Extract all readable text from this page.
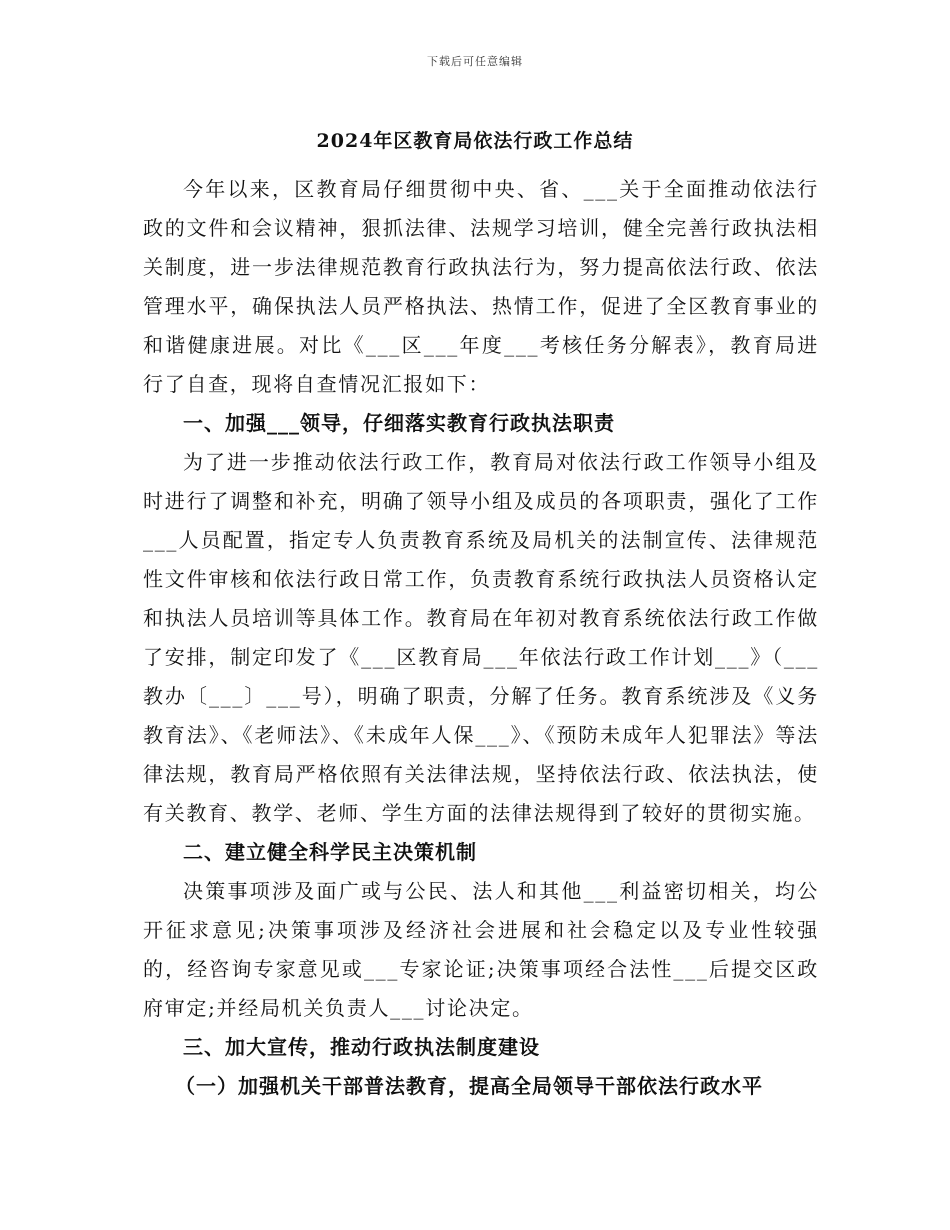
下载后可任意编辑
2024年区教育局依法行政工作总结

今年以来，区教育局仔细贯彻中央、省、___关于全面推动依法行政的文件和会议精神，狠抓法律、法规学习培训，健全完善行政执法相关制度，进一步法律规范教育行政执法行为，努力提高依法行政、依法管理水平，确保执法人员严格执法、热情工作，促进了全区教育事业的和谐健康进展。对比《___区___年度___考核任务分解表》，教育局进行了自查，现将自查情况汇报如下：

一、加强___领导，仔细落实教育行政执法职责

为了进一步推动依法行政工作，教育局对依法行政工作领导小组及时进行了调整和补充，明确了领导小组及成员的各项职责，强化了工作___人员配置，指定专人负责教育系统及局机关的法制宣传、法律规范性文件审核和依法行政日常工作，负责教育系统行政执法人员资格认定和执法人员培训等具体工作。教育局在年初对教育系统依法行政工作做了安排，制定印发了《___区教育局___年依法行政工作计划___》（___教办〔___〕___号），明确了职责，分解了任务。教育系统涉及《义务教育法》、《老师法》、《未成年人保___》、《预防未成年人犯罪法》等法律法规，教育局严格依照有关法律法规，坚持依法行政、依法执法，使有关教育、教学、老师、学生方面的法律法规得到了较好的贯彻实施。

二、建立健全科学民主决策机制

决策事项涉及面广或与公民、法人和其他___利益密切相关，均公开征求意见;决策事项涉及经济社会进展和社会稳定以及专业性较强的，经咨询专家意见或___专家论证;决策事项经合法性___后提交区政府审定;并经局机关负责人___讨论决定。

三、加大宣传，推动行政执法制度建设

（一）加强机关干部普法教育，提高全局领导干部依法行政水平
